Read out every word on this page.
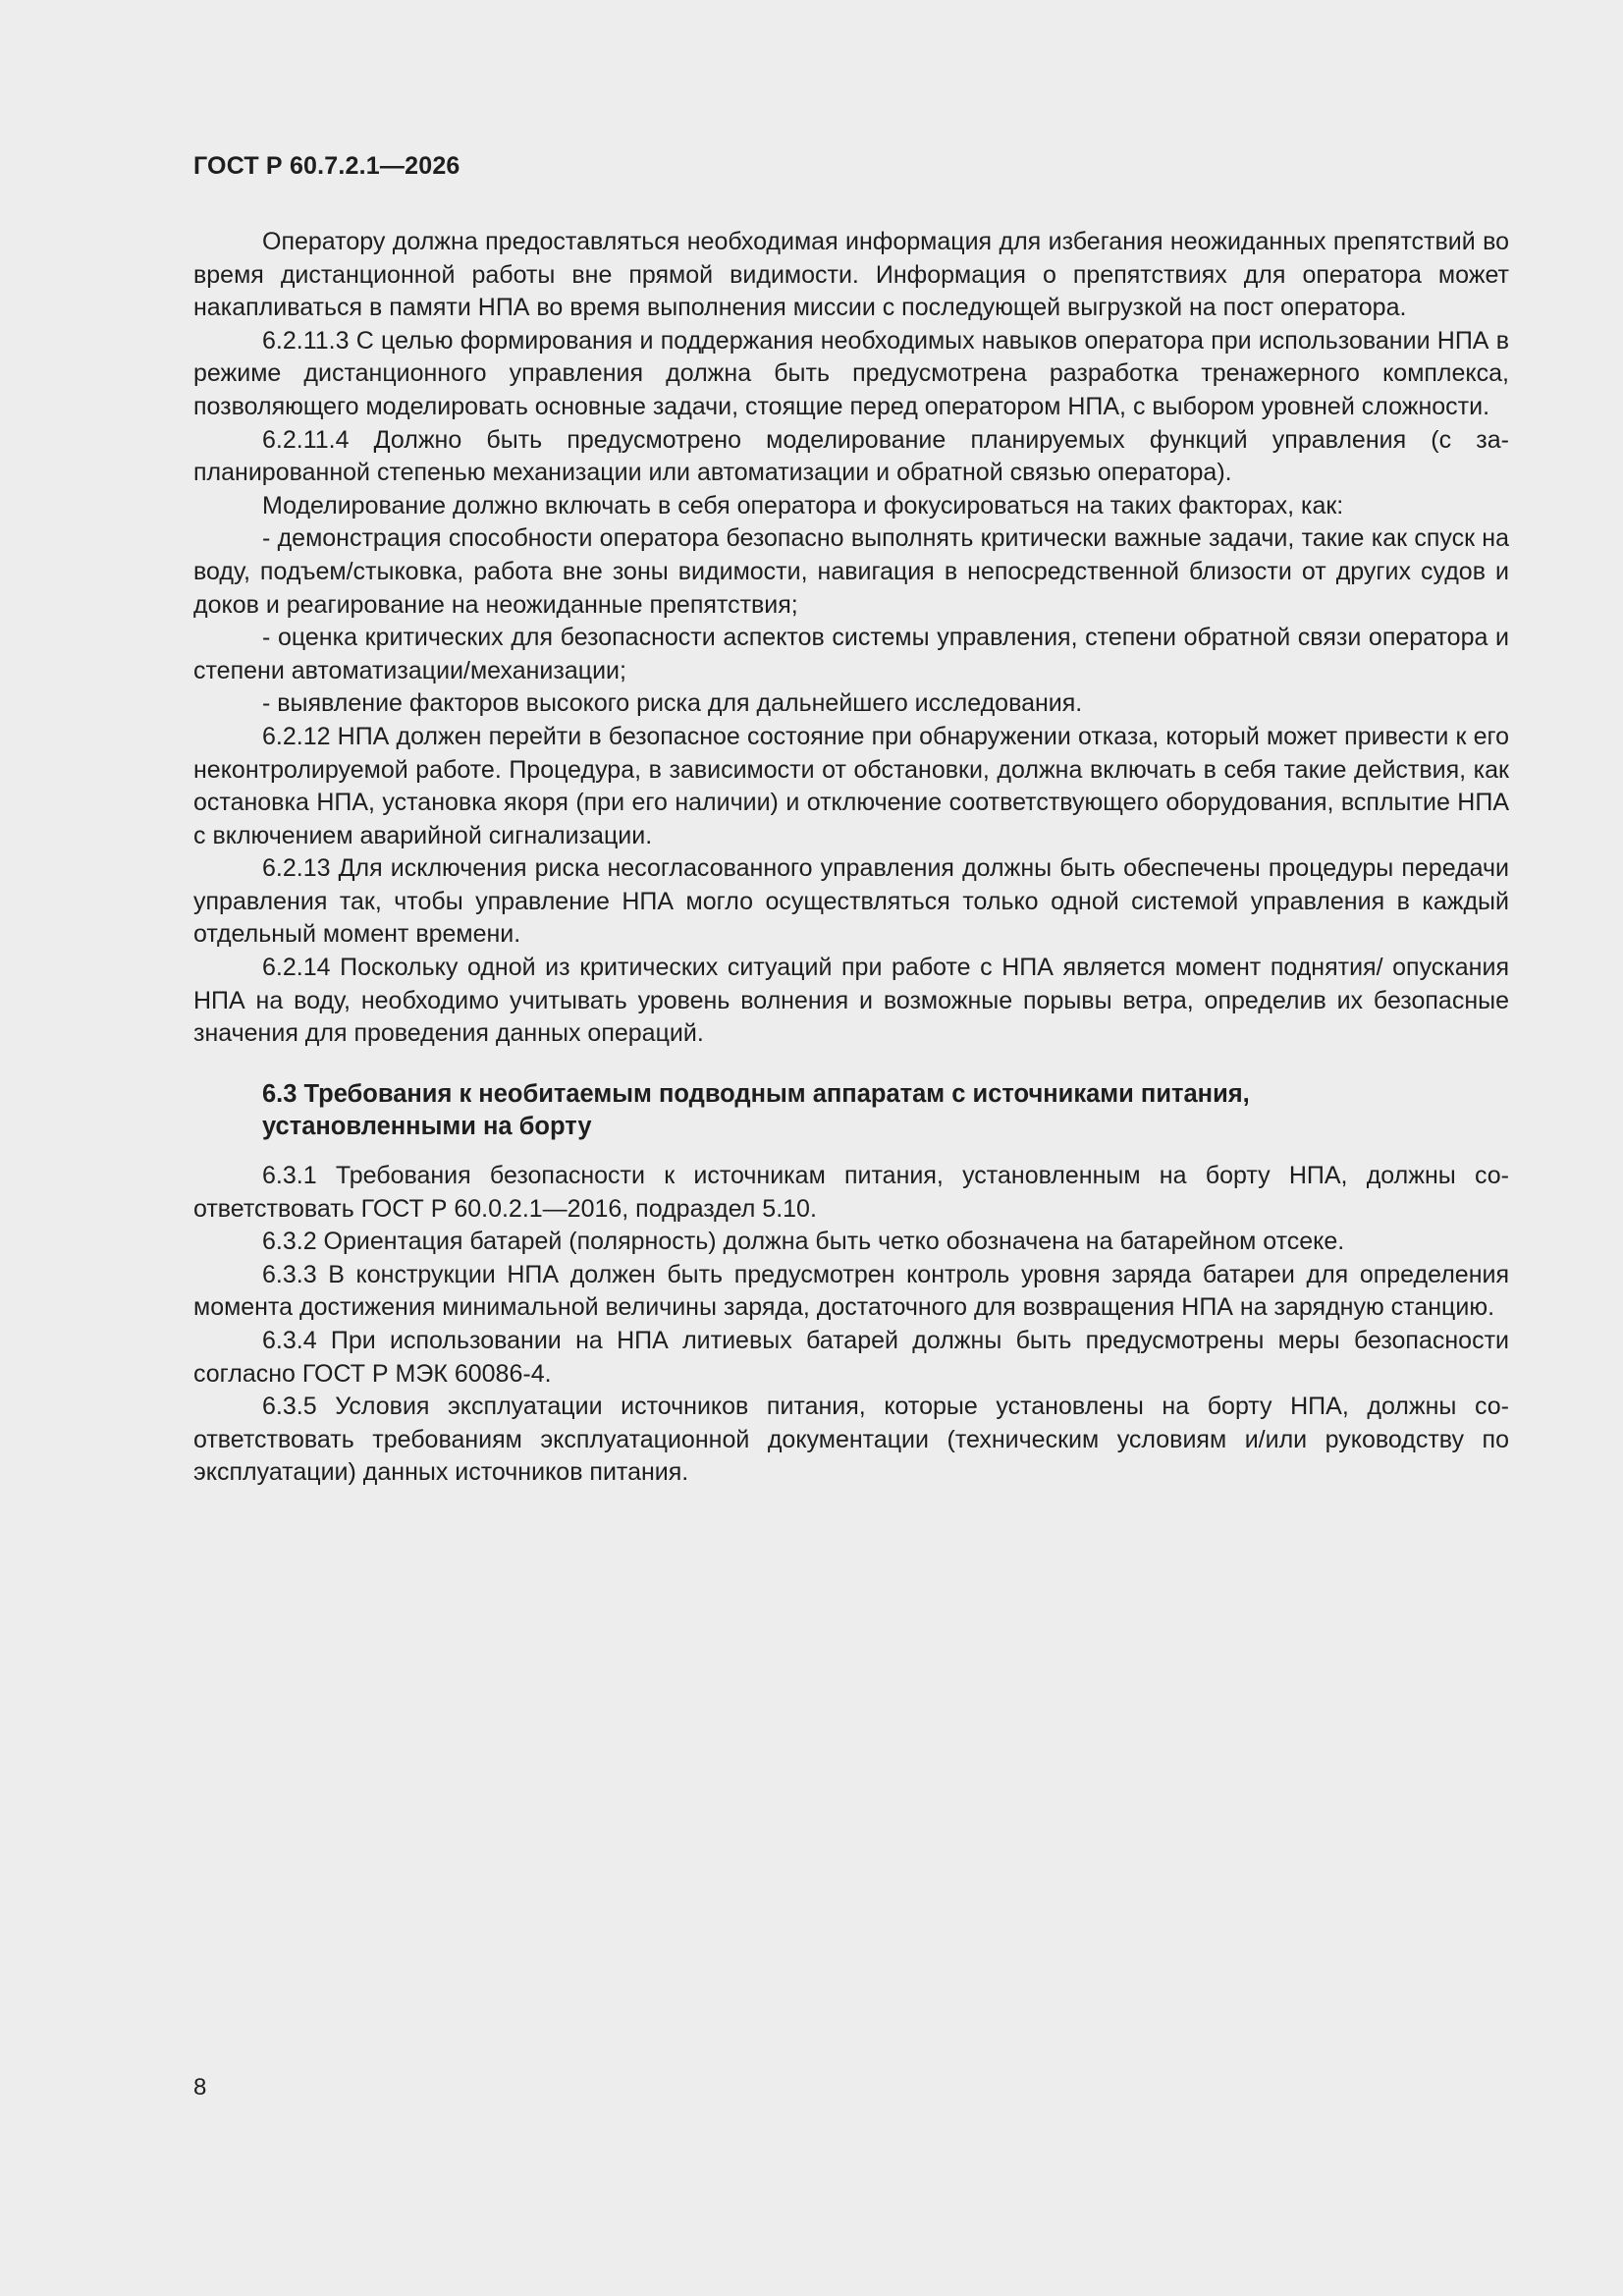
ГОСТ Р 60.7.2.1—2026

Оператору должна предоставляться необходимая информация для избегания неожиданных препятствий во время дистанционной работы вне прямой видимости. Информация о препятствиях для оператора может накапливаться в памяти НПА во время выполнения миссии с последующей выгрузкой на пост оператора.

6.2.11.3 С целью формирования и поддержания необходимых навыков оператора при использовании НПА в режиме дистанционного управления должна быть предусмотрена разработка тренажерного комплекса, позволяющего моделировать основные задачи, стоящие перед оператором НПА, с выбором уровней сложности.

6.2.11.4 Должно быть предусмотрено моделирование планируемых функций управления (с запланированной степенью механизации или автоматизации и обратной связью оператора).

Моделирование должно включать в себя оператора и фокусироваться на таких факторах, как:

- демонстрация способности оператора безопасно выполнять критически важные задачи, такие как спуск на воду, подъем/стыковка, работа вне зоны видимости, навигация в непосредственной близости от других судов и доков и реагирование на неожиданные препятствия;

- оценка критических для безопасности аспектов системы управления, степени обратной связи оператора и степени автоматизации/механизации;

- выявление факторов высокого риска для дальнейшего исследования.

6.2.12 НПА должен перейти в безопасное состояние при обнаружении отказа, который может привести к его неконтролируемой работе. Процедура, в зависимости от обстановки, должна включать в себя такие действия, как остановка НПА, установка якоря (при его наличии) и отключение соответствующего оборудования, всплытие НПА с включением аварийной сигнализации.

6.2.13 Для исключения риска несогласованного управления должны быть обеспечены процедуры передачи управления так, чтобы управление НПА могло осуществляться только одной системой управления в каждый отдельный момент времени.

6.2.14 Поскольку одной из критических ситуаций при работе с НПА является момент поднятия/ опускания НПА на воду, необходимо учитывать уровень волнения и возможные порывы ветра, определив их безопасные значения для проведения данных операций.

6.3 Требования к необитаемым подводным аппаратам с источниками питания,
установленными на борту

6.3.1 Требования безопасности к источникам питания, установленным на борту НПА, должны соответствовать ГОСТ Р 60.0.2.1—2016, подраздел 5.10.

6.3.2 Ориентация батарей (полярность) должна быть четко обозначена на батарейном отсеке.

6.3.3 В конструкции НПА должен быть предусмотрен контроль уровня заряда батареи для определения момента достижения минимальной величины заряда, достаточного для возвращения НПА на зарядную станцию.

6.3.4 При использовании на НПА литиевых батарей должны быть предусмотрены меры безопасности согласно ГОСТ Р МЭК 60086-4.

6.3.5 Условия эксплуатации источников питания, которые установлены на борту НПА, должны соответствовать требованиям эксплуатационной документации (техническим условиям и/или руководству по эксплуатации) данных источников питания.

8
